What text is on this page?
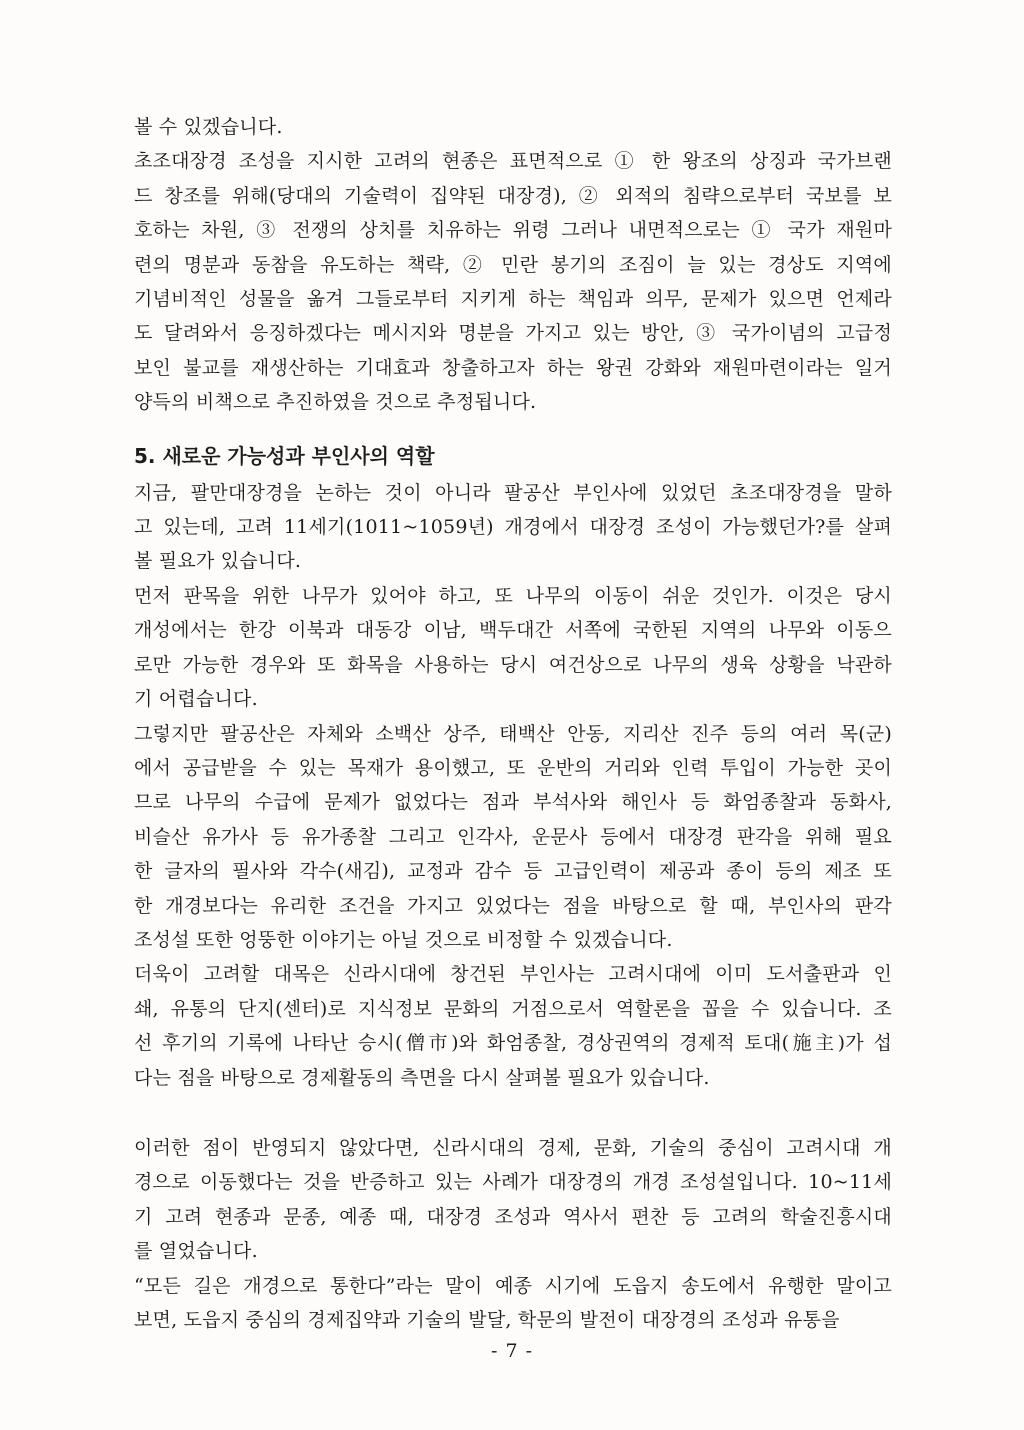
볼 수 있겠습니다.

초조대장경 조성을 지시한 고려의 현종은 표면적으로 ① 한 왕조의 상징과 국가브랜

드 창조를 위해(당대의 기술력이 집약된 대장경), ② 외적의 침략으로부터 국보를 보

호하는 차원, ③ 전쟁의 상치를 치유하는 위령 그러나 내면적으로는 ① 국가 재원마

련의 명분과 동참을 유도하는 책략, ② 민란 봉기의 조짐이 늘 있는 경상도 지역에

기념비적인 성물을 옮겨 그들로부터 지키게 하는 책임과 의무, 문제가 있으면 언제라

도 달려와서 응징하겠다는 메시지와 명분을 가지고 있는 방안, ③ 국가이념의 고급정

보인 불교를 재생산하는 기대효과 창출하고자 하는 왕권 강화와 재원마련이라는 일거

양득의 비책으로 추진하였을 것으로 추정됩니다.

5. 새로운 가능성과 부인사의 역할

지금, 팔만대장경을 논하는 것이 아니라 팔공산 부인사에 있었던 초조대장경을 말하

고 있는데, 고려 11세기(1011~1059년) 개경에서 대장경 조성이 가능했던가?를 살펴

볼 필요가 있습니다.

먼저 판목을 위한 나무가 있어야 하고, 또 나무의 이동이 쉬운 것인가. 이것은 당시

개성에서는 한강 이북과 대동강 이남, 백두대간 서쪽에 국한된 지역의 나무와 이동으

로만 가능한 경우와 또 화목을 사용하는 당시 여건상으로 나무의 생육 상황을 낙관하

기 어렵습니다.

그렇지만 팔공산은 자체와 소백산 상주, 태백산 안동, 지리산 진주 등의 여러 목(군)

에서 공급받을 수 있는 목재가 용이했고, 또 운반의 거리와 인력 투입이 가능한 곳이

므로 나무의 수급에 문제가 없었다는 점과 부석사와 해인사 등 화엄종찰과 동화사,

비슬산 유가사 등 유가종찰 그리고 인각사, 운문사 등에서 대장경 판각을 위해 필요

한 글자의 필사와 각수(새김), 교정과 감수 등 고급인력이 제공과 종이 등의 제조 또

한 개경보다는 유리한 조건을 가지고 있었다는 점을 바탕으로 할 때, 부인사의 판각

조성설 또한 엉뚱한 이야기는 아닐 것으로 비정할 수 있겠습니다.

더욱이 고려할 대목은 신라시대에 창건된 부인사는 고려시대에 이미 도서출판과 인

쇄, 유통의 단지(센터)로 지식정보 문화의 거점으로서 역할론을 꼽을 수 있습니다. 조

선 후기의 기록에 나타난 승시(僧市)와 화엄종찰, 경상권역의 경제적 토대(施主)가 섭

다는 점을 바탕으로 경제활동의 측면을 다시 살펴볼 필요가 있습니다.

이러한 점이 반영되지 않았다면, 신라시대의 경제, 문화, 기술의 중심이 고려시대 개

경으로 이동했다는 것을 반증하고 있는 사례가 대장경의 개경 조성설입니다. 10~11세

기 고려 현종과 문종, 예종 때, 대장경 조성과 역사서 편찬 등 고려의 학술진흥시대

를 열었습니다.

“모든 길은 개경으로 통한다”라는 말이 예종 시기에 도읍지 송도에서 유행한 말이고

보면, 도읍지 중심의 경제집약과 기술의 발달, 학문의 발전이 대장경의 조성과 유통을

- 7 -
